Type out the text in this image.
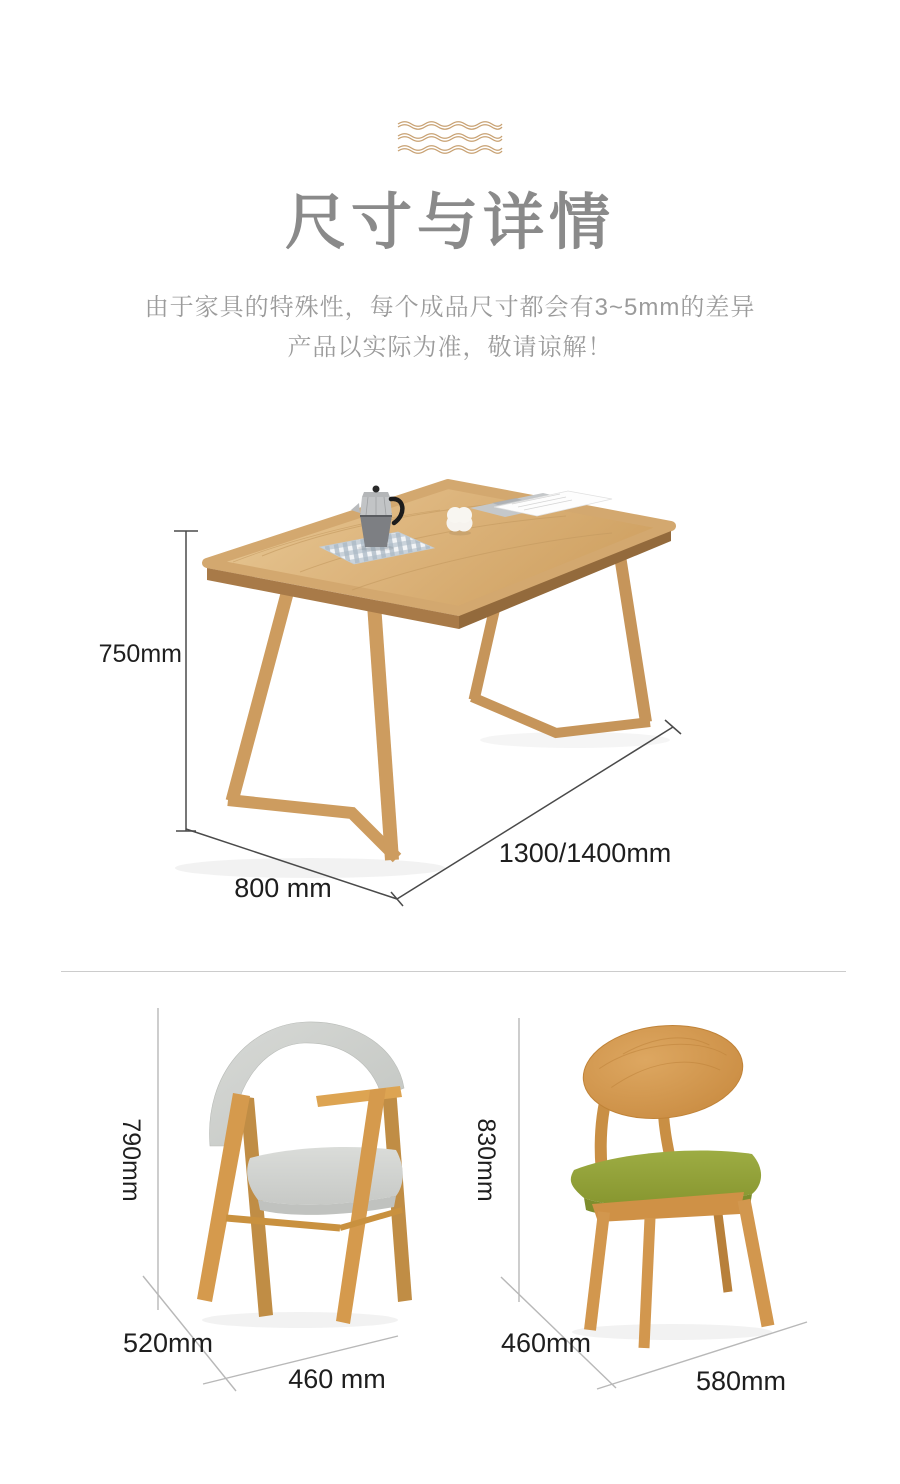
尺寸与详情
由于家具的特殊性，每个成品尺寸都会有3~5mm的差异
产品以实际为准，敬请谅解！
750mm
800 mm
1300/1400mm
790mm
520mm
460 mm
830mm
460mm
580mm
